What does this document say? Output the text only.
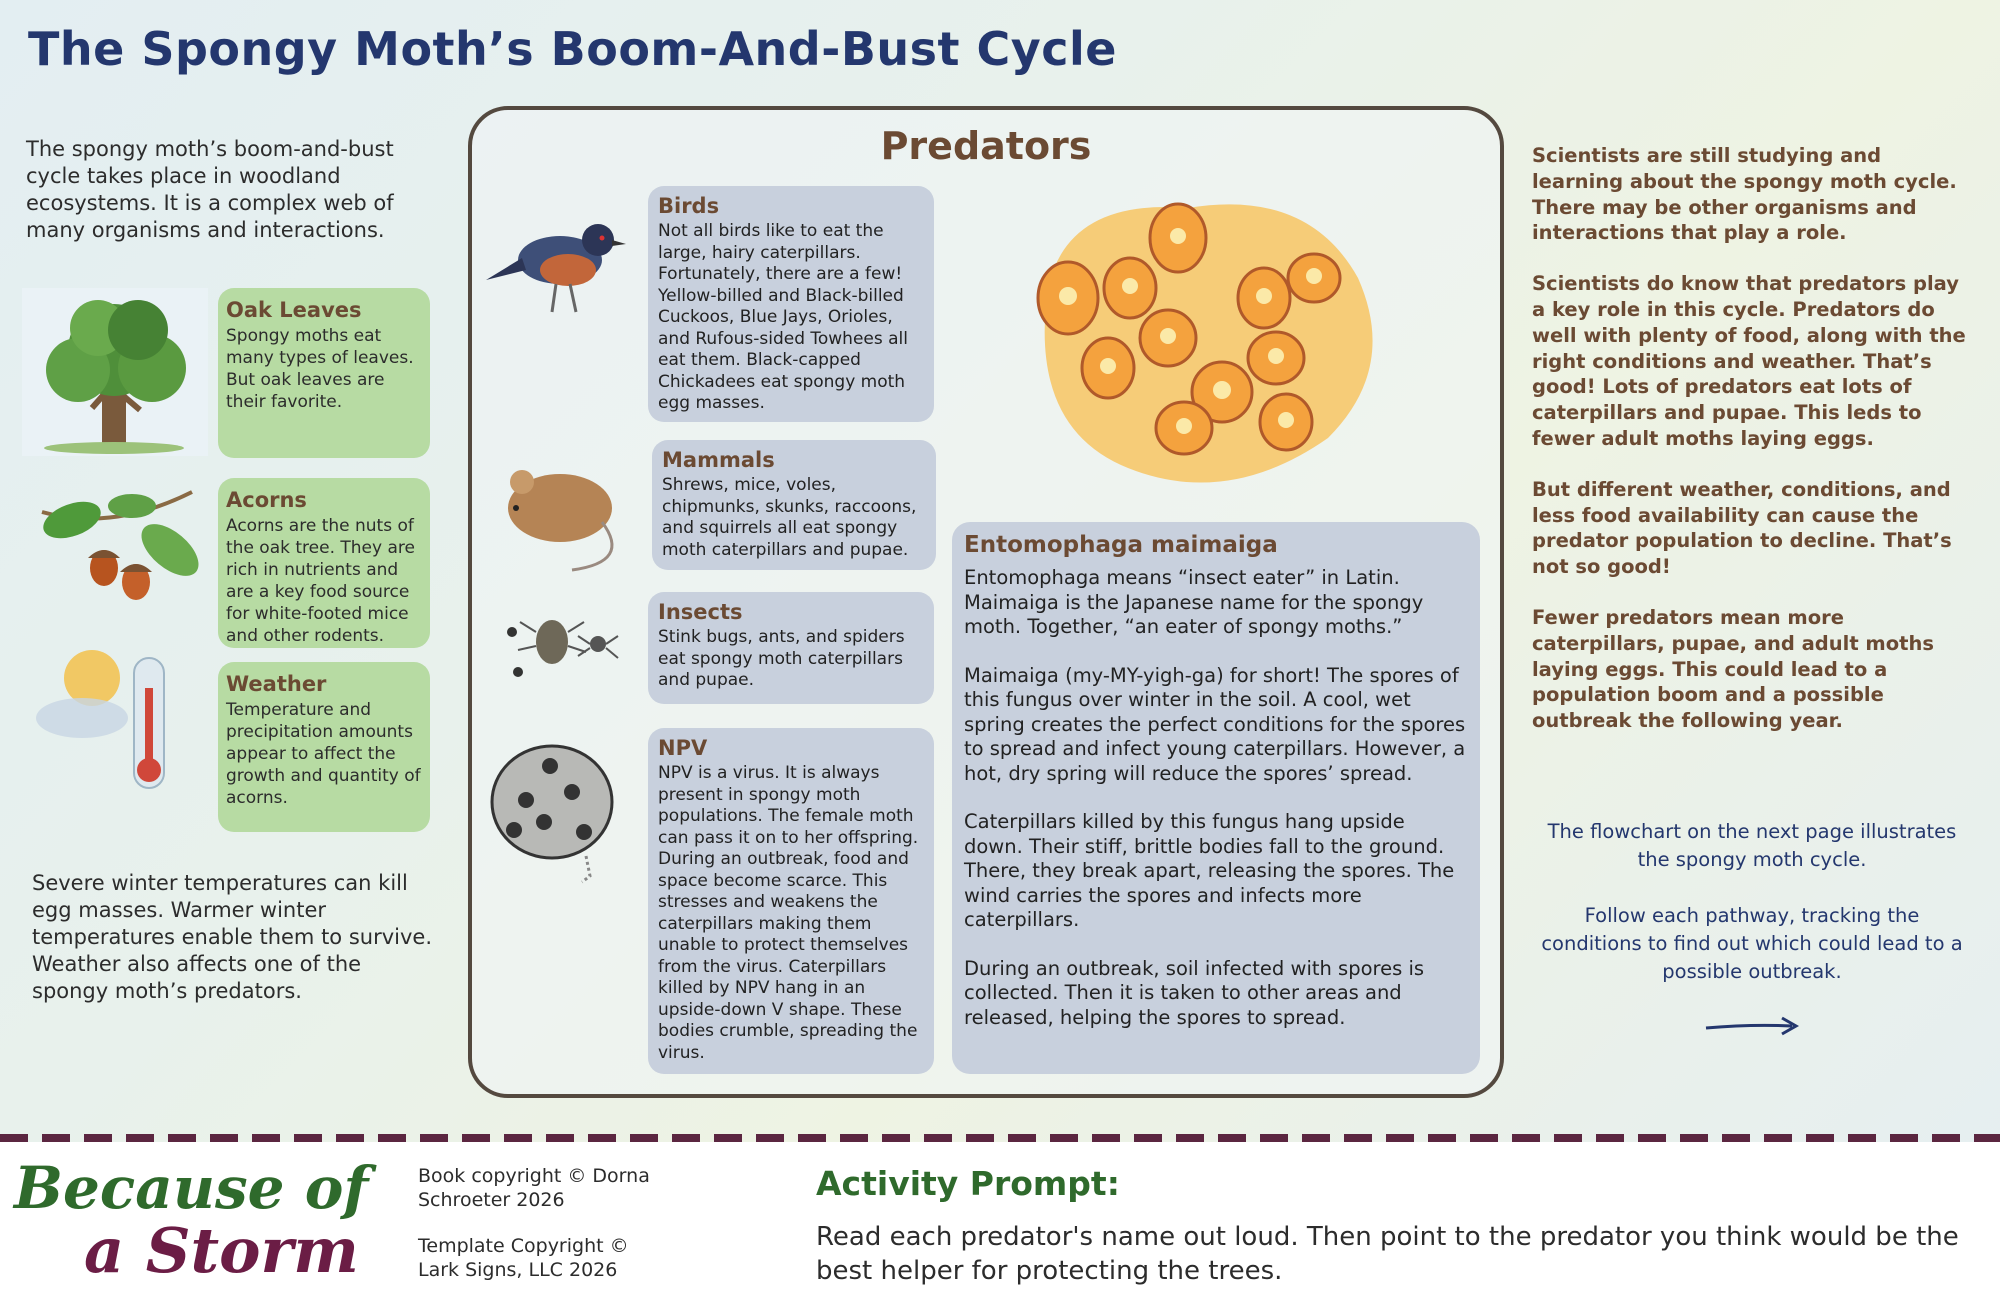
The Spongy Moth’s Boom-And-Bust Cycle

The spongy moth’s boom-and-bust cycle takes place in woodland ecosystems. It is a complex web of many organisms and interactions.

Oak Leaves

Spongy moths eat many types of leaves. But oak leaves are their favorite.

Acorns

Acorns are the nuts of the oak tree. They are rich in nutrients and are a key food source for white-footed mice and other rodents.

Weather

Temperature and precipitation amounts appear to affect the growth and quantity of acorns.

Severe winter temperatures can kill egg masses. Warmer winter temperatures enable them to survive. Weather also affects one of the spongy moth’s predators.

Predators
Birds

Not all birds like to eat the large, hairy caterpillars. Fortunately, there are a few! Yellow-billed and Black-billed Cuckoos, Blue Jays, Orioles, and Rufous-sided Towhees all eat them. Black-capped Chickadees eat spongy moth egg masses.

Mammals

Shrews, mice, voles, chipmunks, skunks, raccoons, and squirrels all eat spongy moth caterpillars and pupae.

Insects

Stink bugs, ants, and spiders eat spongy moth caterpillars and pupae.

NPV

NPV is a virus. It is always present in spongy moth populations. The female moth can pass it on to her offspring. During an outbreak, food and space become scarce. This stresses and weakens the caterpillars making them unable to protect themselves from the virus. Caterpillars killed by NPV hang in an upside-down V shape. These bodies crumble, spreading the virus.

Entomophaga maimaiga

Entomophaga means “insect eater” in Latin. Maimaiga is the Japanese name for the spongy moth. Together, “an eater of spongy moths.”

Maimaiga (my-MY-yigh-ga) for short! The spores of this fungus over winter in the soil. A cool, wet spring creates the perfect conditions for the spores to spread and infect young caterpillars. However, a hot, dry spring will reduce the spores’ spread.

Caterpillars killed by this fungus hang upside down. Their stiff, brittle bodies fall to the ground. There, they break apart, releasing the spores. The wind carries the spores and infects more caterpillars.

During an outbreak, soil infected with spores is collected. Then it is taken to other areas and released, helping the spores to spread.

Scientists are still studying and learning about the spongy moth cycle. There may be other organisms and interactions that play a role.

Scientists do know that predators play a key role in this cycle. Predators do well with plenty of food, along with the right conditions and weather. That’s good! Lots of predators eat lots of caterpillars and pupae. This leds to fewer adult moths laying eggs.

But different weather, conditions, and less food availability can cause the predator population to decline. That’s not so good!

Fewer predators mean more caterpillars, pupae, and adult moths laying eggs. This could lead to a population boom and a possible outbreak the following year.

The flowchart on the next page illustrates the spongy moth cycle.

Follow each pathway, tracking the conditions to find out which could lead to a possible outbreak.

Because of
a Storm

Book copyright © Dorna Schroeter 2026

Template Copyright © Lark Signs, LLC 2026

Activity Prompt:

Read each predator's name out loud. Then point to the predator you think would be the best helper for protecting the trees.
